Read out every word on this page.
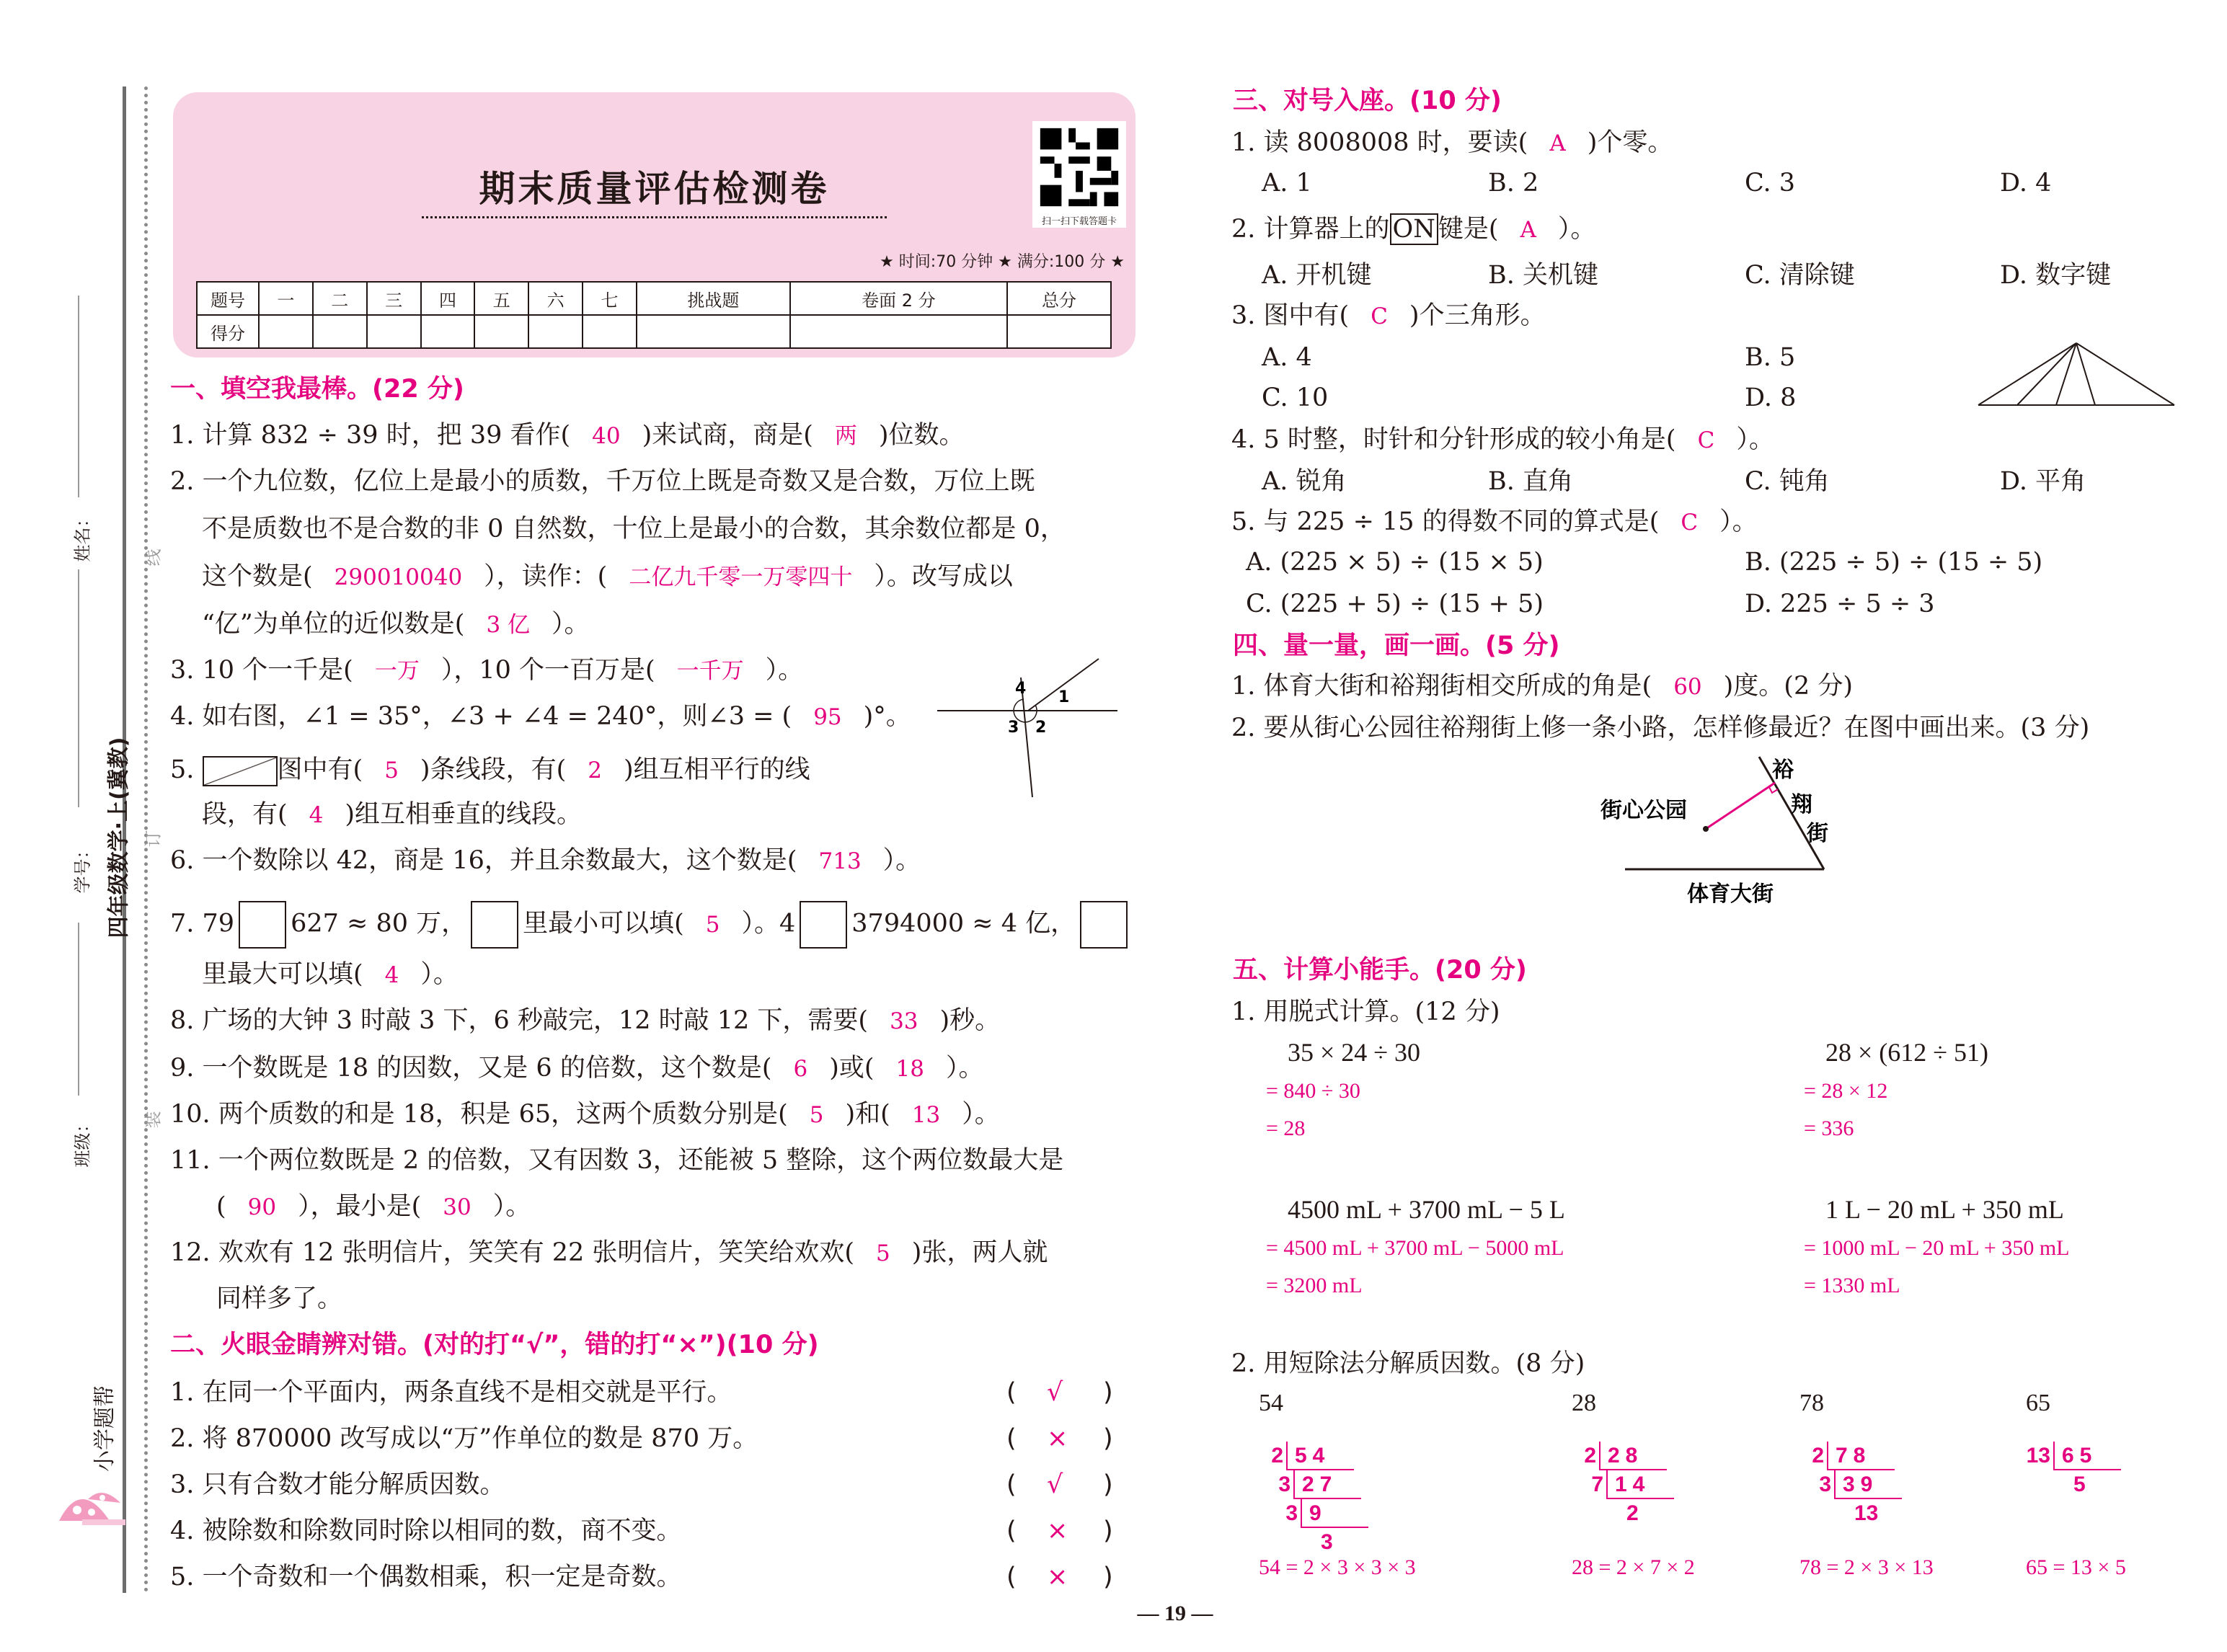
装
订
线
班级：
学号：
姓名：
四年级数学·上(冀教)
小学题帮
期末质量评估检测卷
扫一扫下载答题卡
★ 时间:70 分钟 ★ 满分:100 分 ★
题号	一	二	三	四	五	六	七	挑战题	卷面 2 分	总分
得分										
一、填空我最棒。(22 分)
1. 计算 832 ÷ 39 时，把 39 看作( 40 )来试商，商是( 两 )位数。
2. 一个九位数，亿位上是最小的质数，千万位上既是奇数又是合数，万位上既
不是质数也不是合数的非 0 自然数，十位上是最小的合数，其余数位都是 0，
这个数是( 290010040 ），读作：( 二亿九千零一万零四十 ）。改写成以
“亿”为单位的近似数是( 3 亿 ）。
3. 10 个一千是( 一万 ），10 个一百万是( 一千万 ）。
4. 如右图，∠1 = 35°，∠3 + ∠4 = 240°，则∠3 = ( 95 )°。
4 1
3 2
5.	图中有( 5 )条线段，有( 2 )组互相平行的线
段，有( 4 )组互相垂直的线段。
6. 一个数除以 42，商是 16，并且余数最大，这个数是( 713 ）。
7. 79 627 ≈ 80 万， 里最小可以填( 5 ）。4 3794000 ≈ 4 亿，
里最大可以填( 4 ）。
8. 广场的大钟 3 时敲 3 下，6 秒敲完，12 时敲 12 下，需要( 33 )秒。
9. 一个数既是 18 的因数，又是 6 的倍数，这个数是( 6 )或( 18 ）。
10. 两个质数的和是 18，积是 65，这两个质数分别是( 5 )和( 13 ）。
11. 一个两位数既是 2 的倍数，又有因数 3，还能被 5 整除，这个两位数最大是
( 90 ），最小是( 30 ）。
12. 欢欢有 12 张明信片，笑笑有 22 张明信片，笑笑给欢欢( 5 )张，两人就
同样多了。
二、火眼金睛辨对错。(对的打“√”，错的打“×”)(10 分)
1. 在同一个平面内，两条直线不是相交就是平行。	( √ )
2. 将 870000 改写成以“万”作单位的数是 870 万。	( × )
3. 只有合数才能分解质因数。	( √ )
4. 被除数和除数同时除以相同的数，商不变。	( × )
5. 一个奇数和一个偶数相乘，积一定是奇数。	( × )
三、对号入座。(10 分)
1. 读 8008008 时，要读( A )个零。
A. 1	B. 2	C. 3	D. 4
2. 计算器上的 ON 键是( A ）。
A. 开机键	B. 关机键	C. 清除键	D. 数字键
3. 图中有( C )个三角形。
A. 4	B. 5
C. 10	D. 8
4. 5 时整，时针和分针形成的较小角是( C ）。
A. 锐角	B. 直角	C. 钝角	D. 平角
5. 与 225 ÷ 15 的得数不同的算式是( C ）。
A. (225 × 5) ÷ (15 × 5)	B. (225 ÷ 5) ÷ (15 ÷ 5)
C. (225 + 5) ÷ (15 + 5)	D. 225 ÷ 5 ÷ 3
四、量一量，画一画。(5 分)
1. 体育大街和裕翔街相交所成的角是( 60 )度。(2 分)
2. 要从街心公园往裕翔街上修一条小路，怎样修最近？在图中画出来。(3 分)
街心公园
裕
翔
街
体育大街
五、计算小能手。(20 分)
1. 用脱式计算。(12 分)
35 × 24 ÷ 30
= 840 ÷ 30
= 28
28 × (612 ÷ 51)
= 28 × 12
= 336
4500 mL + 3700 mL − 5 L
= 4500 mL + 3700 mL − 5000 mL
= 3200 mL
1 L − 20 mL + 350 mL
= 1000 mL − 20 mL + 350 mL
= 1330 mL
2. 用短除法分解质因数。(8 分)
54
2 54
3 27
3 9
3
54 = 2 × 3 × 3 × 3
28
2 28
7 14
2
28 = 2 × 7 × 2
78
2 78
3 39
13
78 = 2 × 3 × 13
65
13 65
5
65 = 13 × 5
— 19 —
